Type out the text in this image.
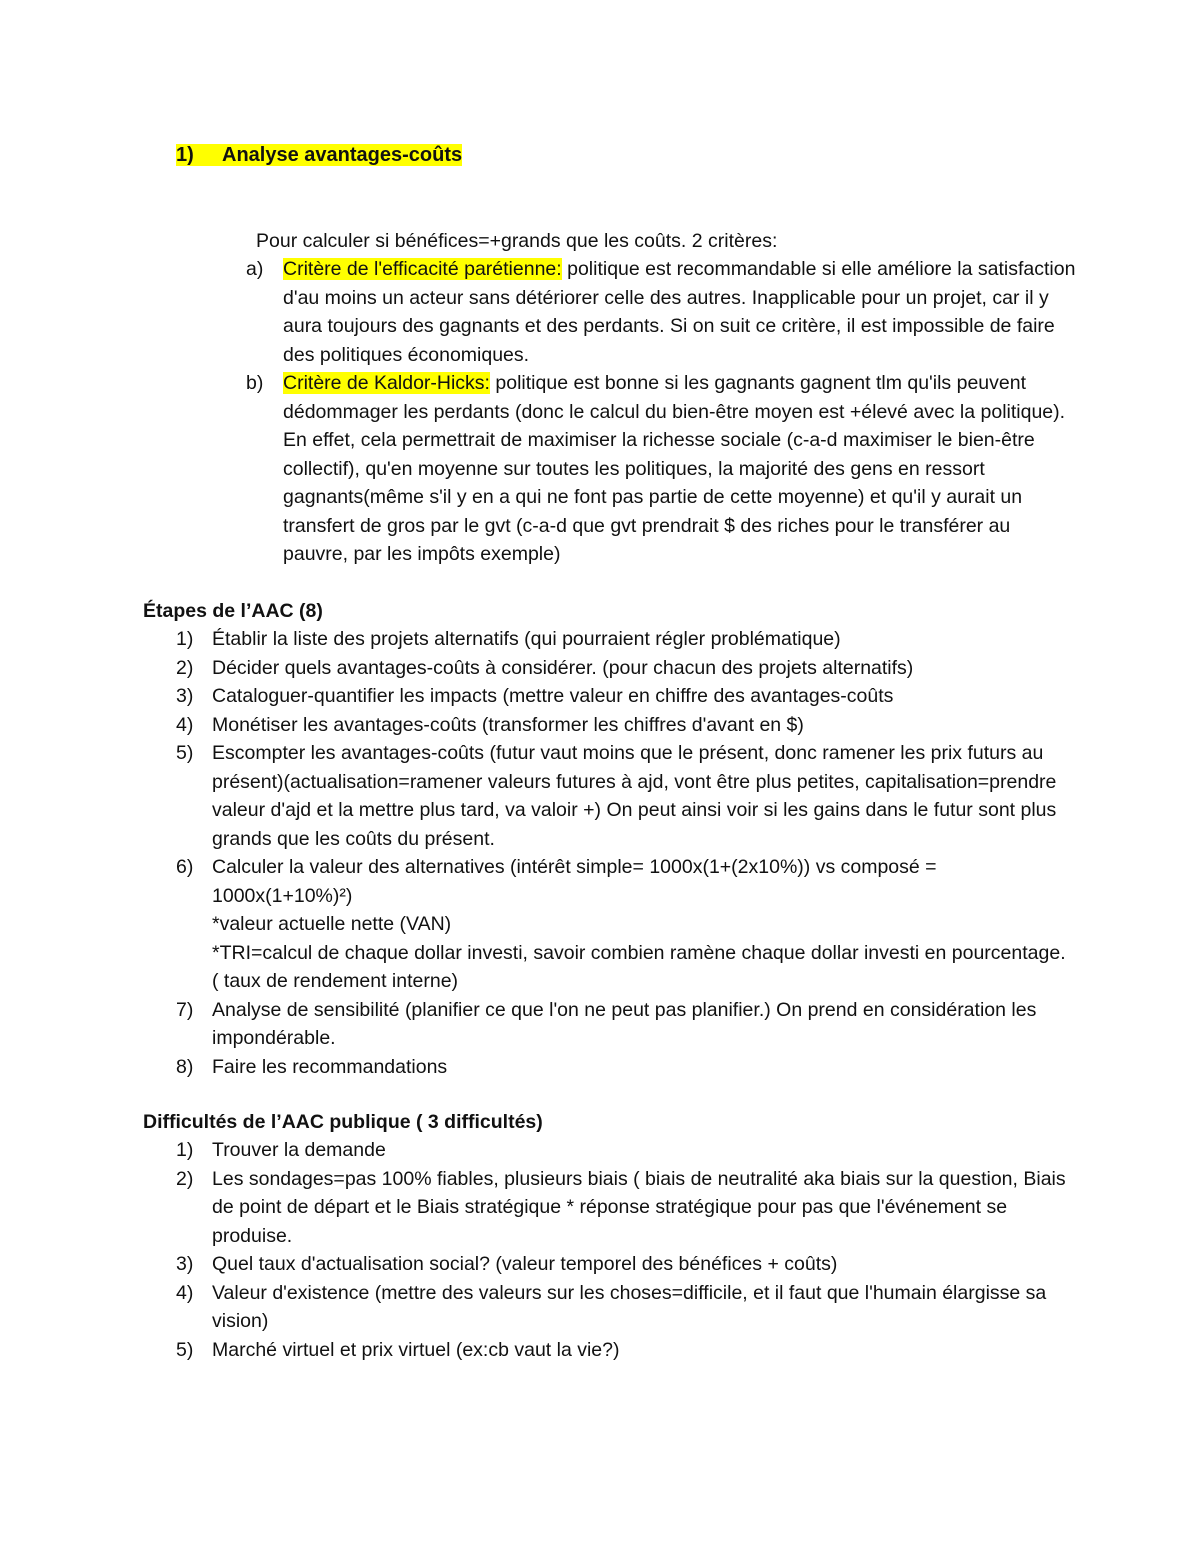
1) Analyse avantages-coûts
Pour calculer si bénéfices=+grands que les coûts. 2 critères:
a) Critère de l'efficacité parétienne: politique est recommandable si elle améliore la satisfaction d'au moins un acteur sans détériorer celle des autres. Inapplicable pour un projet, car il y aura toujours des gagnants et des perdants. Si on suit ce critère, il est impossible de faire des politiques économiques.
b) Critère de Kaldor-Hicks: politique est bonne si les gagnants gagnent tlm qu'ils peuvent dédommager les perdants (donc le calcul du bien-être moyen est +élevé avec la politique). En effet, cela permettrait de maximiser la richesse sociale (c-a-d maximiser le bien-être collectif), qu'en moyenne sur toutes les politiques, la majorité des gens en ressort gagnants(même s'il y en a qui ne font pas partie de cette moyenne) et qu'il y aurait un transfert de gros par le gvt (c-a-d que gvt prendrait $ des riches pour le transférer au pauvre, par les impôts exemple)
Étapes de l’AAC (8)
1) Établir la liste des projets alternatifs (qui pourraient régler problématique)
2) Décider quels avantages-coûts à considérer. (pour chacun des projets alternatifs)
3) Cataloguer-quantifier les impacts (mettre valeur en chiffre des avantages-coûts
4) Monétiser les avantages-coûts (transformer les chiffres d'avant en $)
5) Escompter les avantages-coûts (futur vaut moins que le présent, donc ramener les prix futurs au présent)(actualisation=ramener valeurs futures à ajd, vont être plus petites, capitalisation=prendre valeur d'ajd et la mettre plus tard, va valoir +) On peut ainsi voir si les gains dans le futur sont plus grands que les coûts du présent.
6) Calculer la valeur des alternatives (intérêt simple= 1000x(1+(2x10%)) vs composé = 1000x(1+10%)²)
*valeur actuelle nette (VAN)
*TRI=calcul de chaque dollar investi, savoir combien ramène chaque dollar investi en pourcentage. ( taux de rendement interne)
7) Analyse de sensibilité (planifier ce que l'on ne peut pas planifier.) On prend en considération les impondérable.
8) Faire les recommandations
Difficultés de l’AAC publique ( 3 difficultés)
1) Trouver la demande
2) Les sondages=pas 100% fiables, plusieurs biais ( biais de neutralité aka biais sur la question, Biais de point de départ et le Biais stratégique * réponse stratégique pour pas que l'événement se produise.
3) Quel taux d'actualisation social? (valeur temporel des bénéfices + coûts)
4) Valeur d'existence (mettre des valeurs sur les choses=difficile, et il faut que l'humain élargisse sa vision)
5) Marché virtuel et prix virtuel (ex:cb vaut la vie?)
